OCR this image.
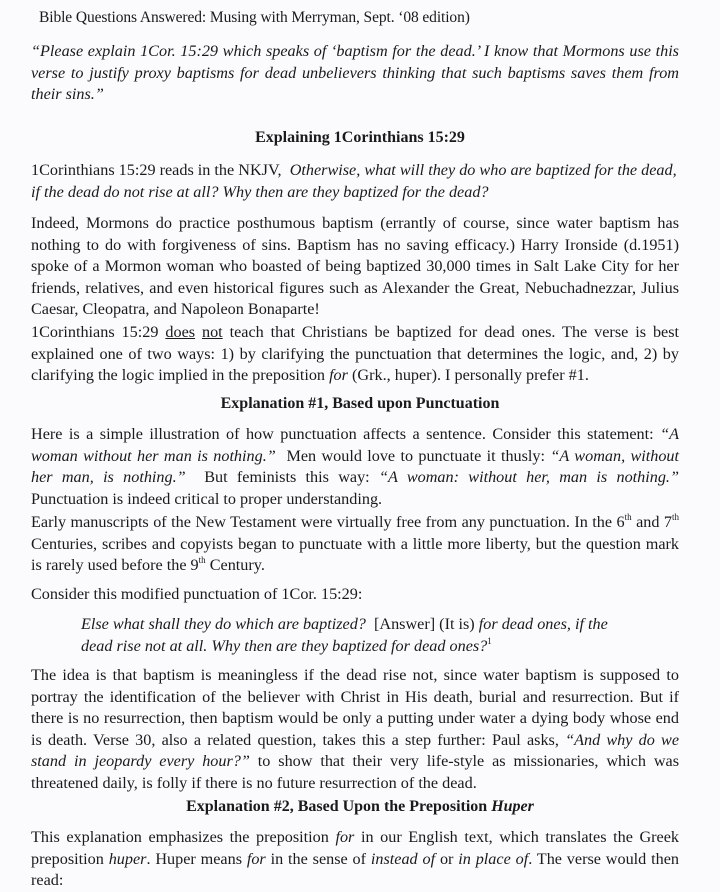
Bible Questions Answered: Musing with Merryman, Sept. ‘08 edition)
“Please explain 1Cor. 15:29 which speaks of ‘baptism for the dead.’ I know that Mormons use this verse to justify proxy baptisms for dead unbelievers thinking that such baptisms saves them from their sins.”
Explaining 1Corinthians 15:29
1Corinthians 15:29 reads in the NKJV, Otherwise, what will they do who are baptized for the dead, if the dead do not rise at all? Why then are they baptized for the dead?
Indeed, Mormons do practice posthumous baptism (errantly of course, since water baptism has nothing to do with forgiveness of sins. Baptism has no saving efficacy.) Harry Ironside (d.1951) spoke of a Mormon woman who boasted of being baptized 30,000 times in Salt Lake City for her friends, relatives, and even historical figures such as Alexander the Great, Nebuchadnezzar, Julius Caesar, Cleopatra, and Napoleon Bonaparte!
1Corinthians 15:29 does not teach that Christians be baptized for dead ones. The verse is best explained one of two ways: 1) by clarifying the punctuation that determines the logic, and, 2) by clarifying the logic implied in the preposition for (Grk., huper). I personally prefer #1.
Explanation #1, Based upon Punctuation
Here is a simple illustration of how punctuation affects a sentence. Consider this statement: “A woman without her man is nothing.” Men would love to punctuate it thusly: “A woman, without her man, is nothing.” But feminists this way: “A woman: without her, man is nothing.” Punctuation is indeed critical to proper understanding.
Early manuscripts of the New Testament were virtually free from any punctuation. In the 6th and 7th Centuries, scribes and copyists began to punctuate with a little more liberty, but the question mark is rarely used before the 9th Century.
Consider this modified punctuation of 1Cor. 15:29:
Else what shall they do which are baptized? [Answer] (It is) for dead ones, if the dead rise not at all. Why then are they baptized for dead ones?$^1$
The idea is that baptism is meaningless if the dead rise not, since water baptism is supposed to portray the identification of the believer with Christ in His death, burial and resurrection. But if there is no resurrection, then baptism would be only a putting under water a dying body whose end is death. Verse 30, also a related question, takes this a step further: Paul asks, “And why do we stand in jeopardy every hour?” to show that their very life-style as missionaries, which was threatened daily, is folly if there is no future resurrection of the dead.
Explanation #2, Based Upon the Preposition Huper
This explanation emphasizes the preposition for in our English text, which translates the Greek preposition huper. Huper means for in the sense of instead of or in place of. The verse would then read:
